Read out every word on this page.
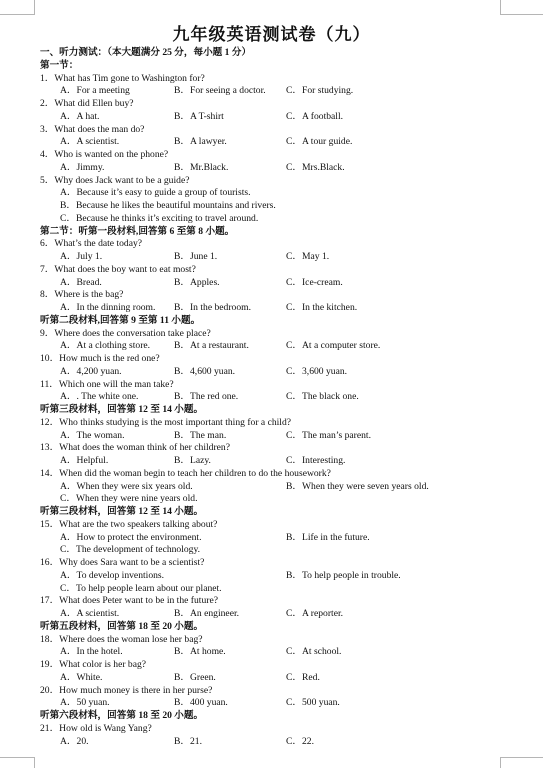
九年级英语测试卷（九）
一、听力测试：（本大题满分 25 分，每小题 1 分）
第一节：
1．What has Tim gone to Washington for?
A．For a meeting	B．For seeing a doctor. C．For studying.
2．What did Ellen buy?
A．A hat.	B．A T-shirt	C．A football.
3．What does the man do?
A．A scientist.	B．A lawyer.	C．A tour guide.
4．Who is wanted on the phone?
A．Jimmy.	B．Mr.Black.	C．Mrs.Black.
5．Why does Jack want to be a guide?
A．Because it’s easy to guide a group of tourists.
B．Because he likes the beautiful mountains and rivers.
C．Because he thinks it’s exciting to travel around.
第二节：听第一段材料,回答第 6 至第 8 小题。
6．What’s the date today?
A．July 1.	B．June 1.	C．May 1.
7．What does the boy want to eat most?
A．Bread.	B．Apples.	C．Ice-cream.
8．Where is the bag?
A．In the dinning room. B．In the bedroom.	C．In the kitchen.
听第二段材料,回答第 9 至第 11 小题。
9．Where does the conversation take place?
A．At a clothing store. B．At a restaurant.	C．At a computer store.
10．How much is the red one?
A．4,200 yuan.	B．4,600 yuan.	C．3,600 yuan.
11．Which one will the man take?
A．. The white one.	B．The red one.	C．The black one.
听第三段材料，回答第 12 至 14 小题。
12．Who thinks studying is the most important thing for a child?
A．The woman.	B．The man.	C．The man’s parent.
13．What does the woman think of her children?
A．Helpful.	B．Lazy.	C．Interesting.
14．When did the woman begin to teach her children to do the housework?
A．When they were six years old.	B．When they were seven years old.
C．When they were nine years old.
听第三段材料，回答第 12 至 14 小题。
15．What are the two speakers talking about?
A．How to protect the environment.	B．Life in the future.
C．The development of technology.
16．Why does Sara want to be a scientist?
A．To develop inventions.	B．To help people in trouble.
C．To help people learn about our planet.
17．What does Peter want to be in the future?
A．A scientist.	B．An engineer.	C．A reporter.
听第五段材料，回答第 18 至 20 小题。
18．Where does the woman lose her bag?
A．In the hotel.	B．At home.	C．At school.
19．What color is her bag?
A．White.	B．Green.	C．Red.
20．How much money is there in her purse?
A．50 yuan.	B．400 yuan.	C．500 yuan.
听第六段材料，回答第 18 至 20 小题。
21．How old is Wang Yang?
A．20.	B．21.	C．22.
